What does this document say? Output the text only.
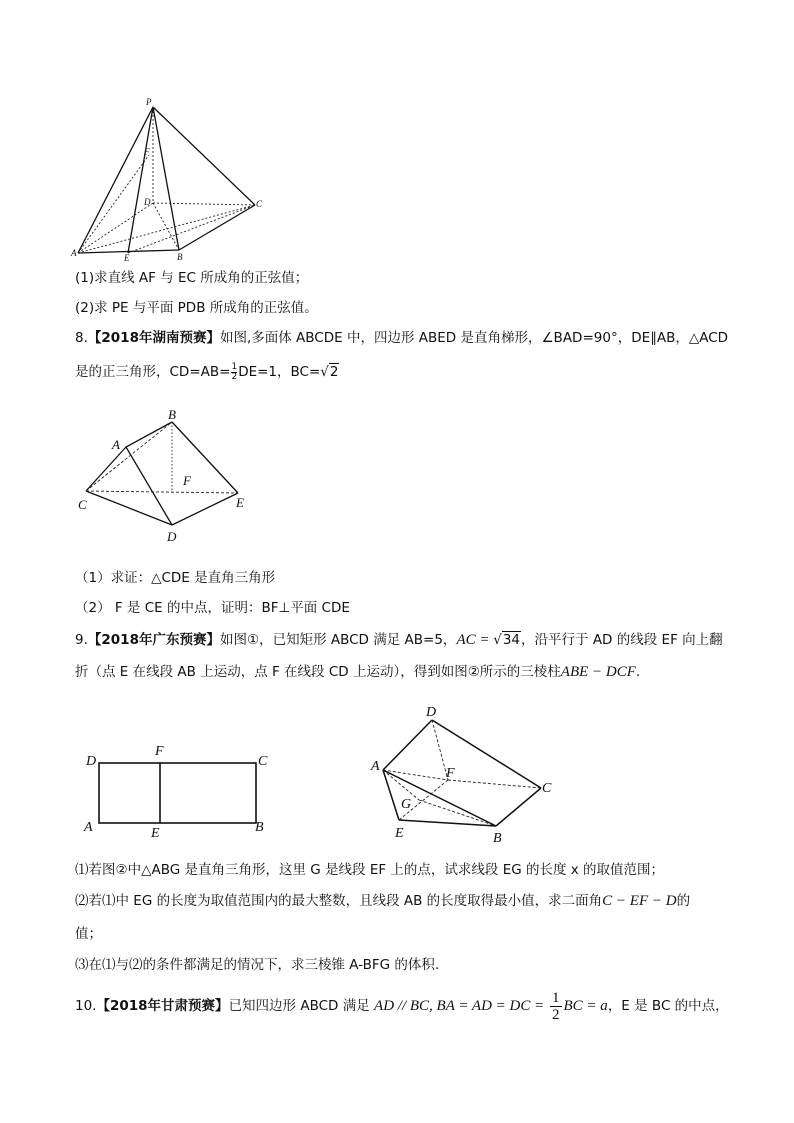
P
F
D	C
A	E	B
(1)求直线 AF 与 EC 所成角的正弦值；
(2)求 PE 与平面 PDB 所成角的正弦值。
8.【2018年湖南预赛】如图,多面体 ABCDE 中，四边形 ABED 是直角梯形，∠BAD=90°，DE∥AB，△ACD
是的正三角形，$CD=AB= \frac{1}{2} DE=1$，BC=√2
B
A
F
C	E
D
（1）求证：△CDE 是直角三角形
（2） F 是 CE 的中点，证明：BF⊥平面 CDE
9.【2018年广东预赛】如图①，已知矩形 ABCD 满足 AB=5，AC = √34，沿平行于 AD 的线段 EF 向上翻
折（点 E 在线段 AB 上运动，点 F 在线段 CD 上运动），得到如图②所示的三棱柱ABE − DCF.
D
F
C
A	E	B
D
A	F
C
G
E	B
⑴若图②中△ABG 是直角三角形，这里 G 是线段 EF 上的点，试求线段 EG 的长度 x 的取值范围；
⑵若⑴中 EG 的长度为取值范围内的最大整数，且线段 AB 的长度取得最小值，求二面角C − EF − D的
值；
⑶在⑴与⑵的条件都满足的情况下，求三棱锥 A-BFG 的体积.
10.【2018年甘肃预赛】已知四边形 ABCD 满足 AD // BC, BA = AD = DC = $\frac{1}{2}$ BC = a，E 是 BC 的中点，
